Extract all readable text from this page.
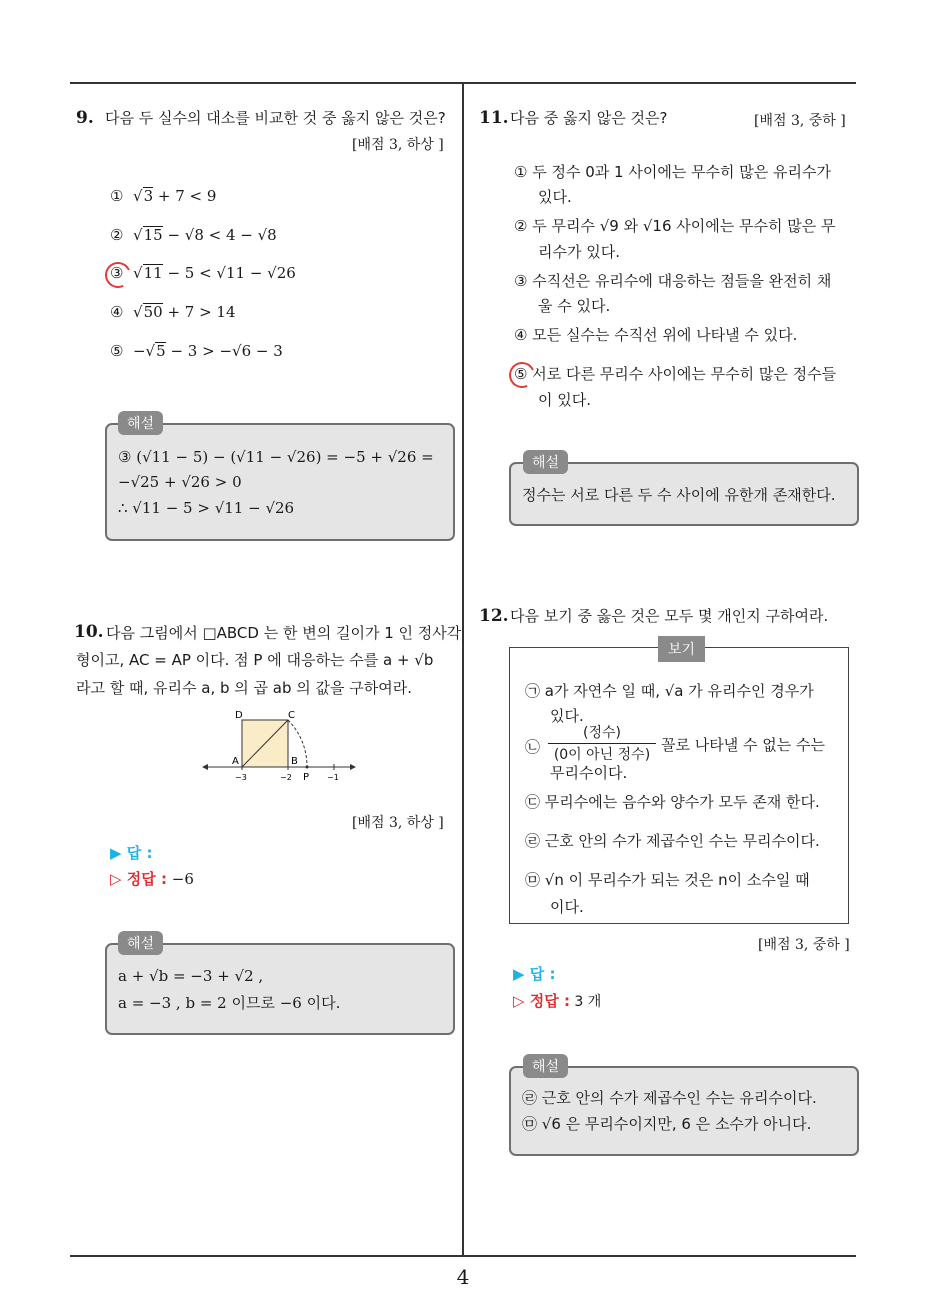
9. 다음 두 실수의 대소를 비교한 것 중 옳지 않은 것은?
[배점 3, 하상 ]
①  √3 + 7 < 9
②  √15 − √8 < 4 − √8
③  √11 − 5 < √11 − √26
④  √50 + 7 > 14
⑤  −√5 − 3 > −√6 − 3
해설
③ (√11 − 5) − (√11 − √26) = −5 + √26 =
−√25 + √26 > 0
∴ √11 − 5 > √11 − √26
10. 다음 그림에서 □ABCD 는 한 변의 길이가 1 인 정사각
형이고, AC = AP 이다. 점 P 에 대응하는 수를 a + √b
라고 할 때, 유리수 a, b 의 곱 ab 의 값을 구하여라.
D	C
A	B
P
−3	−2	−1
[배점 3, 하상 ]
▶ 답 :
▷ 정답 : −6
해설
a + √b = −3 + √2 ,
a = −3 , b = 2 이므로 −6 이다.
11. 다음 중 옳지 않은 것은?	[배점 3, 중하 ]
① 두 정수 0과 1 사이에는 무수히 많은 유리수가
있다.
② 두 무리수 √9 와 √16 사이에는 무수히 많은 무
리수가 있다.
③ 수직선은 유리수에 대응하는 점들을 완전히 채
울 수 있다.
④ 모든 실수는 수직선 위에 나타낼 수 있다.
⑤ 서로 다른 무리수 사이에는 무수히 많은 정수들
이 있다.
해설
정수는 서로 다른 두 수 사이에 유한개 존재한다.
12. 다음 보기 중 옳은 것은 모두 몇 개인지 구하여라.
보기
㉠ a가 자연수 일 때, √a 가 유리수인 경우가
있다.
㉡
(정수)
(0이 아닌 정수)
꼴로 나타낼 수 없는 수는
무리수이다.
㉢ 무리수에는 음수와 양수가 모두 존재 한다.
㉣ 근호 안의 수가 제곱수인 수는 무리수이다.
㉤ √n 이 무리수가 되는 것은 n이 소수일 때
이다.
[배점 3, 중하 ]
▶ 답 :
▷ 정답 : 3 개
해설
㉣ 근호 안의 수가 제곱수인 수는 유리수이다.
㉤ √6 은 무리수이지만, 6 은 소수가 아니다.
4
